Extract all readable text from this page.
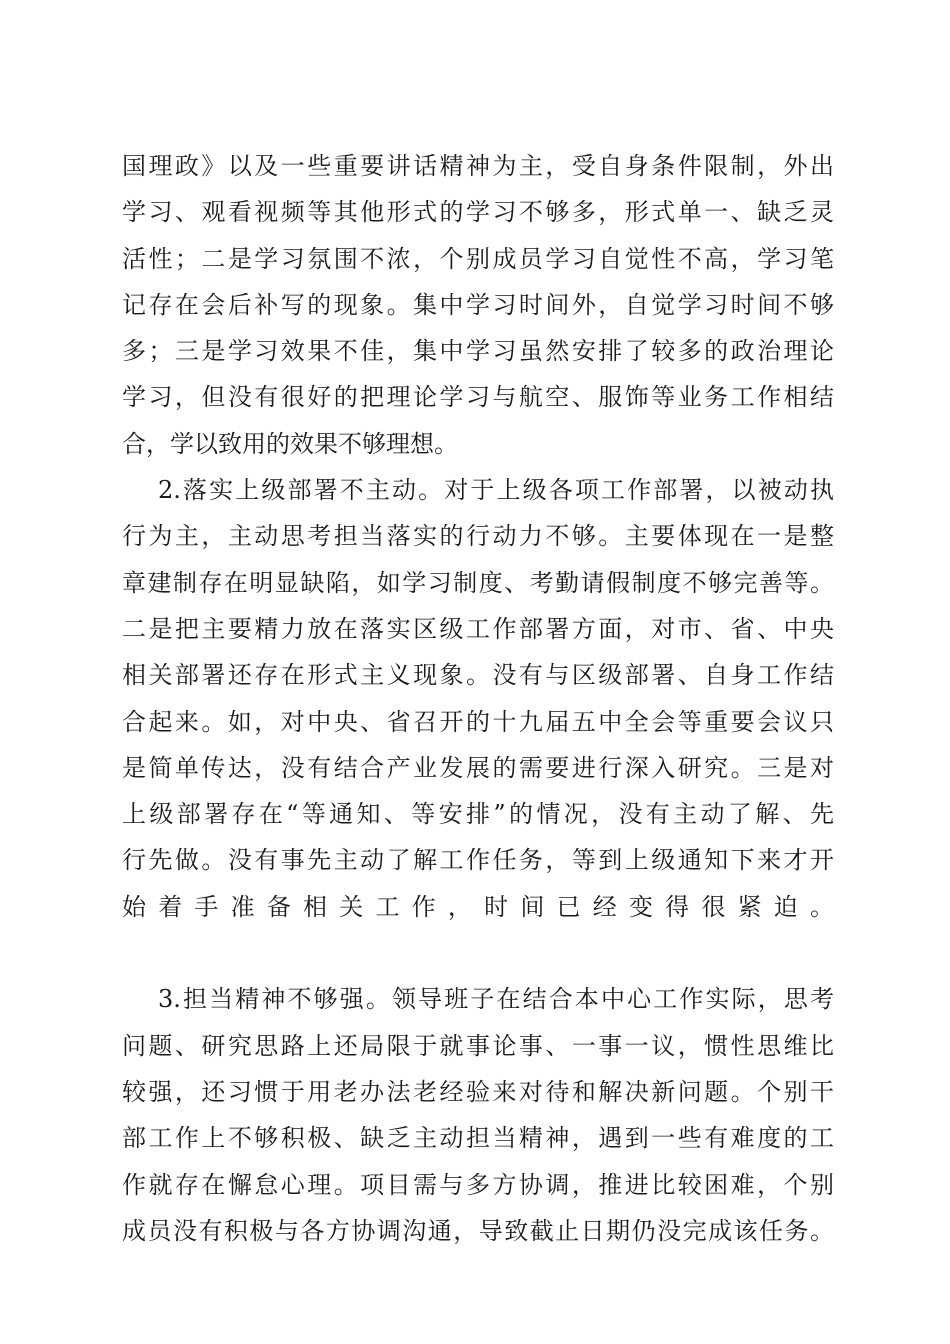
国理政》以及一些重要讲话精神为主，受自身条件限制，外出
学习、观看视频等其他形式的学习不够多，形式单一、缺乏灵
活性；二是学习氛围不浓，个别成员学习自觉性不高，学习笔
记存在会后补写的现象。集中学习时间外，自觉学习时间不够
多；三是学习效果不佳，集中学习虽然安排了较多的政治理论
学习，但没有很好的把理论学习与航空、服饰等业务工作相结
合，学以致用的效果不够理想。
2.落实上级部署不主动。对于上级各项工作部署，以被动执
行为主，主动思考担当落实的行动力不够。主要体现在一是整
章建制存在明显缺陷，如学习制度、考勤请假制度不够完善等。
二是把主要精力放在落实区级工作部署方面，对市、省、中央
相关部署还存在形式主义现象。没有与区级部署、自身工作结
合起来。如，对中央、省召开的十九届五中全会等重要会议只
是简单传达，没有结合产业发展的需要进行深入研究。三是对
上级部署存在“等通知、等安排”的情况，没有主动了解、先
行先做。没有事先主动了解工作任务，等到上级通知下来才开
始着手准备相关工作，时间已经变得很紧迫。
3.担当精神不够强。领导班子在结合本中心工作实际，思考
问题、研究思路上还局限于就事论事、一事一议，惯性思维比
较强，还习惯于用老办法老经验来对待和解决新问题。个别干
部工作上不够积极、缺乏主动担当精神，遇到一些有难度的工
作就存在懈怠心理。项目需与多方协调，推进比较困难，个别
成员没有积极与各方协调沟通，导致截止日期仍没完成该任务。
